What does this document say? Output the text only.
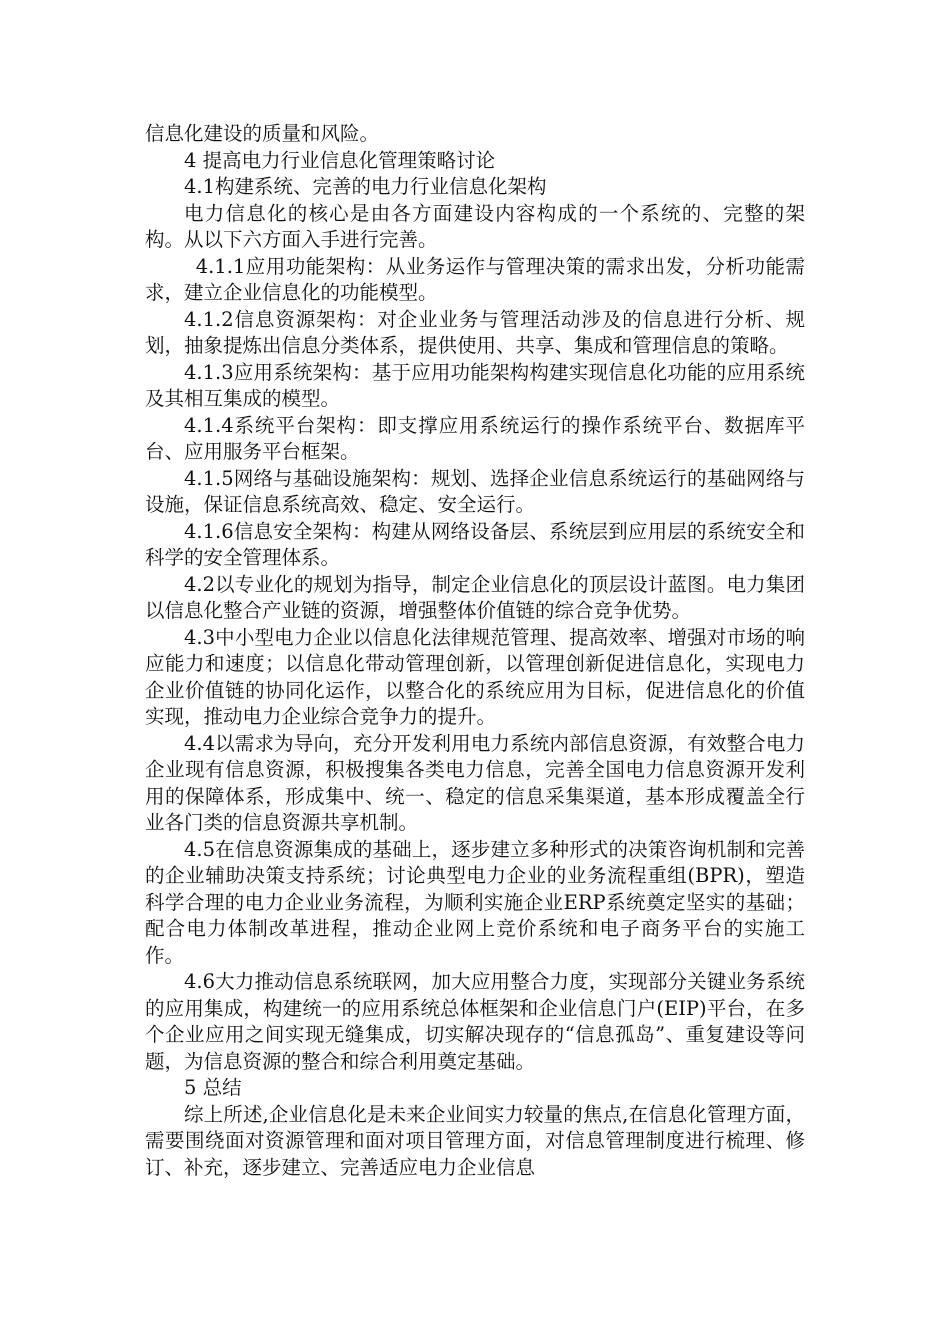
信息化建设的质量和风险。

4 提高电力行业信息化管理策略讨论

4.1构建系统、完善的电力行业信息化架构

电力信息化的核心是由各方面建设内容构成的一个系统的、完整的架构。从以下六方面入手进行完善。

4.1.1应用功能架构：从业务运作与管理决策的需求出发，分析功能需求，建立企业信息化的功能模型。

4.1.2信息资源架构：对企业业务与管理活动涉及的信息进行分析、规划，抽象提炼出信息分类体系，提供使用、共享、集成和管理信息的策略。

4.1.3应用系统架构：基于应用功能架构构建实现信息化功能的应用系统及其相互集成的模型。

4.1.4系统平台架构：即支撑应用系统运行的操作系统平台、数据库平台、应用服务平台框架。

4.1.5网络与基础设施架构：规划、选择企业信息系统运行的基础网络与设施，保证信息系统高效、稳定、安全运行。

4.1.6信息安全架构：构建从网络设备层、系统层到应用层的系统安全和科学的安全管理体系。

4.2以专业化的规划为指导，制定企业信息化的顶层设计蓝图。电力集团以信息化整合产业链的资源，增强整体价值链的综合竞争优势。

4.3中小型电力企业以信息化法律规范管理、提高效率、增强对市场的响应能力和速度；以信息化带动管理创新，以管理创新促进信息化，实现电力企业价值链的协同化运作，以整合化的系统应用为目标，促进信息化的价值实现，推动电力企业综合竞争力的提升。

4.4以需求为导向，充分开发利用电力系统内部信息资源，有效整合电力企业现有信息资源，积极搜集各类电力信息，完善全国电力信息资源开发利用的保障体系，形成集中、统一、稳定的信息采集渠道，基本形成覆盖全行业各门类的信息资源共享机制。

4.5在信息资源集成的基础上，逐步建立多种形式的决策咨询机制和完善的企业辅助决策支持系统；讨论典型电力企业的业务流程重组(BPR)，塑造科学合理的电力企业业务流程，为顺利实施企业ERP系统奠定坚实的基础；配合电力体制改革进程，推动企业网上竞价系统和电子商务平台的实施工作。

4.6大力推动信息系统联网，加大应用整合力度，实现部分关键业务系统的应用集成，构建统一的应用系统总体框架和企业信息门户(EIP)平台，在多个企业应用之间实现无缝集成，切实解决现存的“信息孤岛”、重复建设等问题，为信息资源的整合和综合利用奠定基础。

5 总结

综上所述,企业信息化是未来企业间实力较量的焦点,在信息化管理方面，需要围绕面对资源管理和面对项目管理方面，对信息管理制度进行梳理、修订、补充，逐步建立、完善适应电力企业信息
